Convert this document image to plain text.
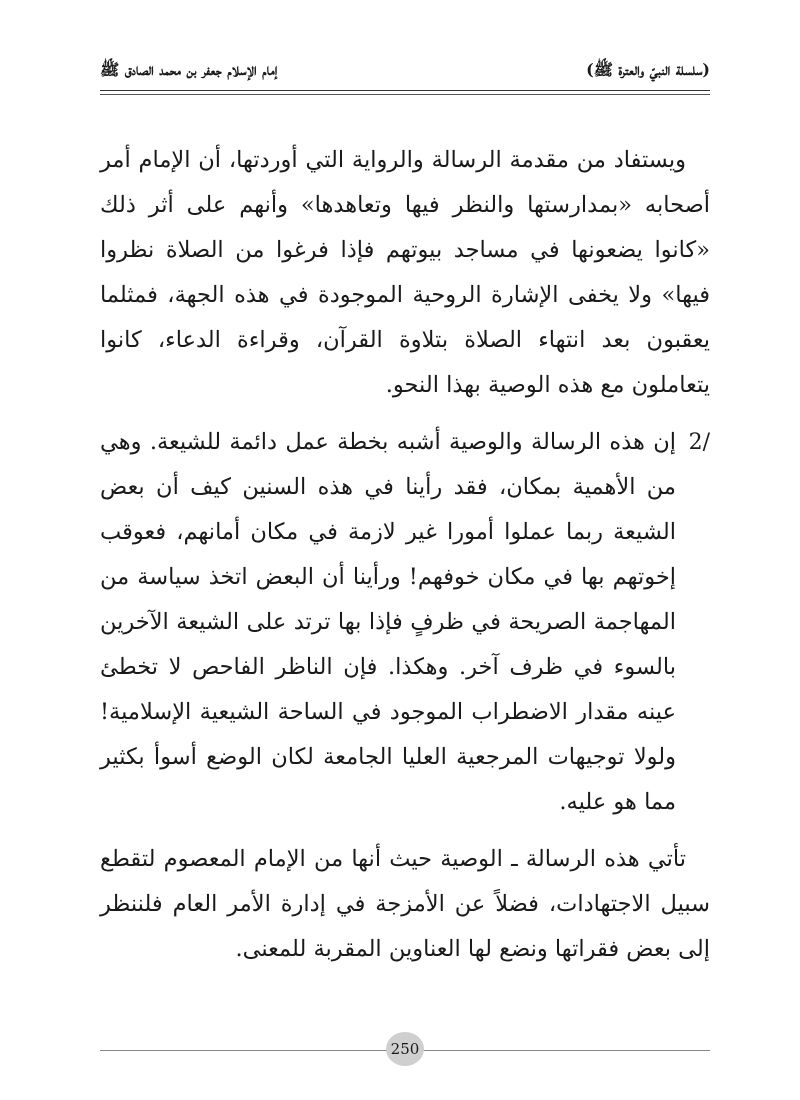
(سلسلة النبيّ والعترة ﷺ)
إمام الإسلام جعفر بن محمد الصادق ﷺ

ويستفاد من مقدمة الرسالة والرواية التي أوردتها، أن الإمام أمر أصحابه «بمدارستها والنظر فيها وتعاهدها» وأنهم على أثر ذلك «كانوا يضعونها في مساجد بيوتهم فإذا فرغوا من الصلاة نظروا فيها» ولا يخفى الإشارة الروحية الموجودة في هذه الجهة، فمثلما يعقبون بعد انتهاء الصلاة بتلاوة القرآن، وقراءة الدعاء، كانوا يتعاملون مع هذه الوصية بهذا النحو.

2/

إن هذه الرسالة والوصية أشبه بخطة عمل دائمة للشيعة. وهي من الأهمية بمكان، فقد رأينا في هذه السنين كيف أن بعض الشيعة ربما عملوا أمورا غير لازمة في مكان أمانهم، فعوقب إخوتهم بها في مكان خوفهم! ورأينا أن البعض اتخذ سياسة من المهاجمة الصريحة في ظرفٍ فإذا بها ترتد على الشيعة الآخرين بالسوء في ظرف آخر. وهكذا. فإن الناظر الفاحص لا تخطئ عينه مقدار الاضطراب الموجود في الساحة الشيعية الإسلامية! ولولا توجيهات المرجعية العليا الجامعة لكان الوضع أسوأ بكثير مما هو عليه.

تأتي هذه الرسالة ـ الوصية حيث أنها من الإمام المعصوم لتقطع سبيل الاجتهادات، فضلاً عن الأمزجة في إدارة الأمر العام فلننظر إلى بعض فقراتها ونضع لها العناوين المقربة للمعنى.

250
